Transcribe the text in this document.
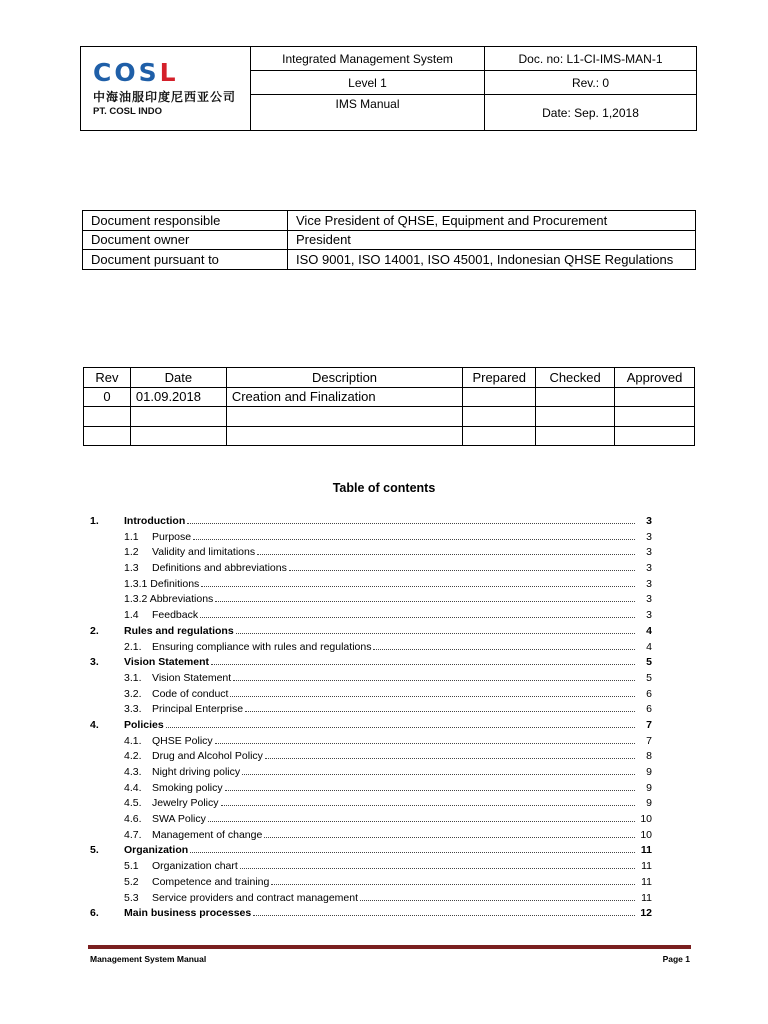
COSL
中海油服印度尼西亚公司
PT. COSL INDO	Integrated Management System	Doc. no: L1-CI-IMS-MAN-1
	Level 1	Rev.: 0
	IMS Manual	Date: Sep. 1,2018
Document responsible	Vice President of QHSE, Equipment and Procurement
Document owner	President
Document pursuant to	ISO 9001, ISO 14001, ISO 45001, Indonesian QHSE Regulations
Rev	Date	Description	Prepared	Checked	Approved
0	01.09.2018	Creation and Finalization			

Table of contents
1.	Introduction	3
1.1	Purpose	3
1.2	Validity and limitations	3
1.3	Definitions and abbreviations	3
1.3.1 Definitions	3
1.3.2 Abbreviations	3
1.4	Feedback	3
2.	Rules and regulations	4
2.1. Ensuring compliance with rules and regulations	4
3.	Vision Statement	5
3.1. Vision Statement	5
3.2. Code of conduct	6
3.3. Principal Enterprise	6
4.	Policies	7
4.1. QHSE Policy	7
4.2. Drug and Alcohol Policy	8
4.3. Night driving policy	9
4.4. Smoking policy	9
4.5. Jewelry Policy	9
4.6. SWA Policy	10
4.7. Management of change	10
5.	Organization	11
5.1	Organization chart	11
5.2	Competence and training	11
5.3	Service providers and contract management	11
6.	Main business processes	12
Management System Manual	Page 1
